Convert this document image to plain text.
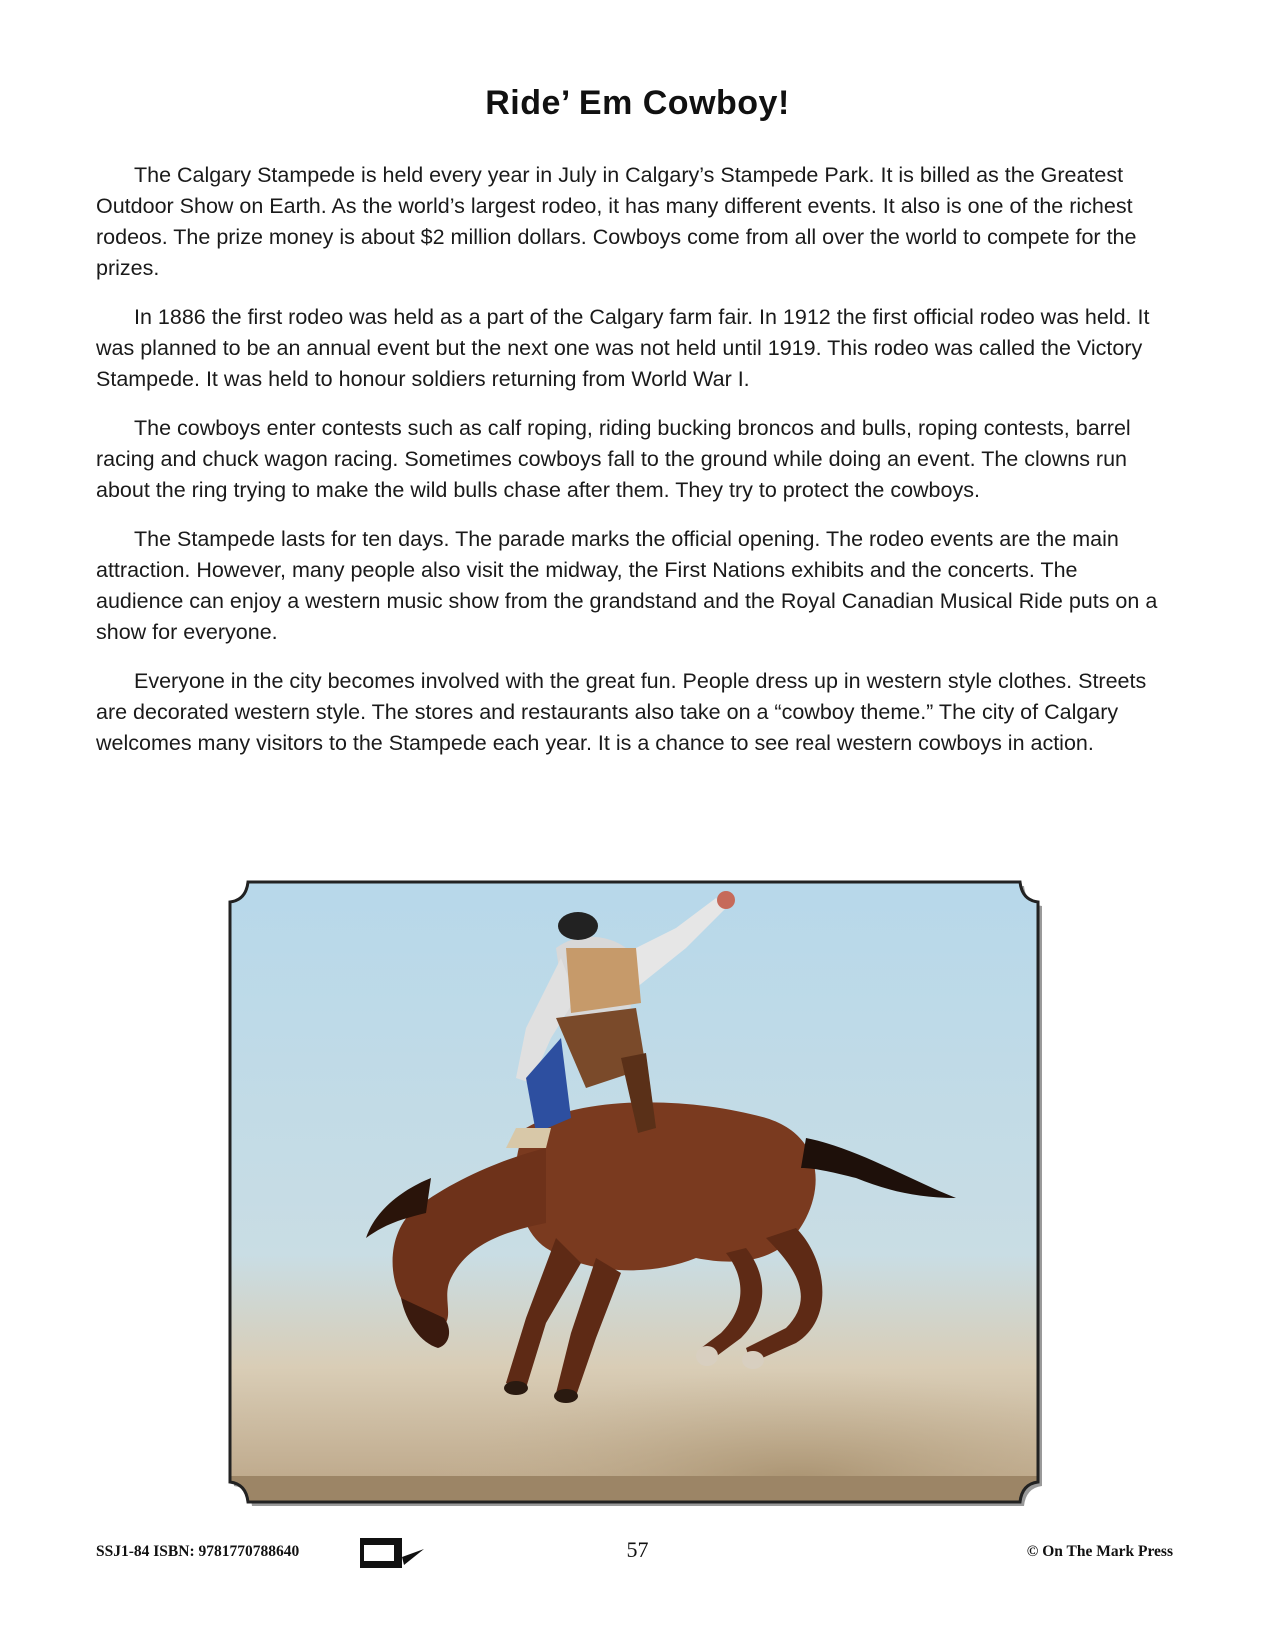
Ride’ Em Cowboy!

The Calgary Stampede is held every year in July in Calgary’s Stampede Park. It is billed as the Greatest Outdoor Show on Earth. As the world’s largest rodeo, it has many different events. It also is one of the richest rodeos. The prize money is about $2 million dollars. Cowboys come from all over the world to compete for the prizes.

In 1886 the first rodeo was held as a part of the Calgary farm fair. In 1912 the first official rodeo was held. It was planned to be an annual event but the next one was not held until 1919. This rodeo was called the Victory Stampede. It was held to honour soldiers returning from World War I.

The cowboys enter contests such as calf roping, riding bucking broncos and bulls, roping contests, barrel racing and chuck wagon racing. Sometimes cowboys fall to the ground while doing an event. The clowns run about the ring trying to make the wild bulls chase after them. They try to protect the cowboys.

The Stampede lasts for ten days. The parade marks the official opening. The rodeo events are the main attraction. However, many people also visit the midway, the First Nations exhibits and the concerts. The audience can enjoy a western music show from the grandstand and the Royal Canadian Musical Ride puts on a show for everyone.

Everyone in the city becomes involved with the great fun. People dress up in western style clothes. Streets are decorated western style. The stores and restaurants also take on a “cowboy theme.” The city of Calgary welcomes many visitors to the Stampede each year. It is a chance to see real western cowboys in action.

SSJ1-84 ISBN: 9781770788640	57	© On The Mark Press
